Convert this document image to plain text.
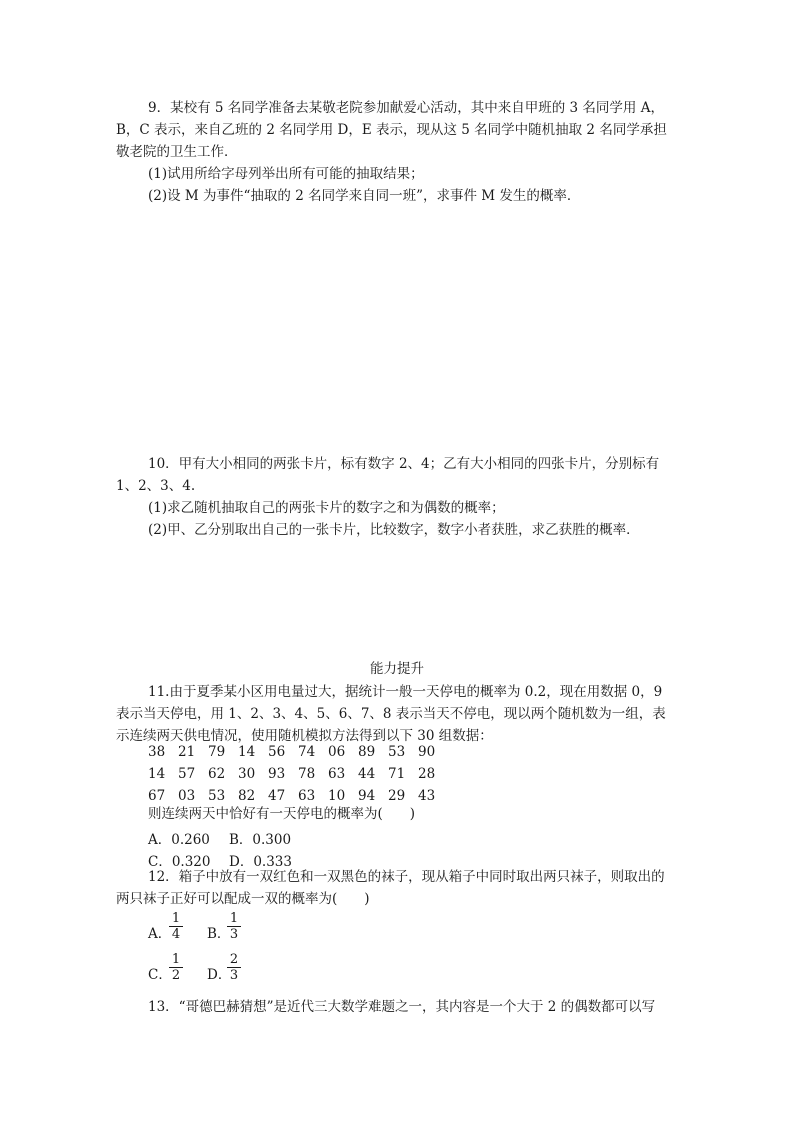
9．某校有 5 名同学准备去某敬老院参加献爱心活动，其中来自甲班的 3 名同学用 A，
B，C 表示，来自乙班的 2 名同学用 D，E 表示，现从这 5 名同学中随机抽取 2 名同学承担
敬老院的卫生工作．
(1)试用所给字母列举出所有可能的抽取结果；
(2)设 M 为事件“抽取的 2 名同学来自同一班”，求事件 M 发生的概率．
10．甲有大小相同的两张卡片，标有数字 2、4；乙有大小相同的四张卡片，分别标有
1、2、3、4.
(1)求乙随机抽取自己的两张卡片的数字之和为偶数的概率；
(2)甲、乙分别取出自己的一张卡片，比较数字，数字小者获胜，求乙获胜的概率．
能力提升
11.由于夏季某小区用电量过大，据统计一般一天停电的概率为 0.2，现在用数据 0，9
表示当天停电，用 1、2、3、4、5、6、7、8 表示当天不停电，现以两个随机数为一组，表
示连续两天供电情况，使用随机模拟方法得到以下 30 组数据：
38 21 79 14 56 74 06 89 53 90
14 57 62 30 93 78 63 44 71 28
67 03 53 82 47 63 10 94 29 43
则连续两天中恰好有一天停电的概率为(　　)
A．0.260 B．0.300
C．0.320 D．0.333
12．箱子中放有一双红色和一双黑色的袜子，现从箱子中同时取出两只袜子，则取出的
两只袜子正好可以配成一双的概率为(　　)
A．
$\frac{1}{4}$ B．
$\frac{1}{3}$
C．
$\frac{1}{2}$ D．
$\frac{2}{3}$
13．“哥德巴赫猜想”是近代三大数学难题之一，其内容是一个大于 2 的偶数都可以写
